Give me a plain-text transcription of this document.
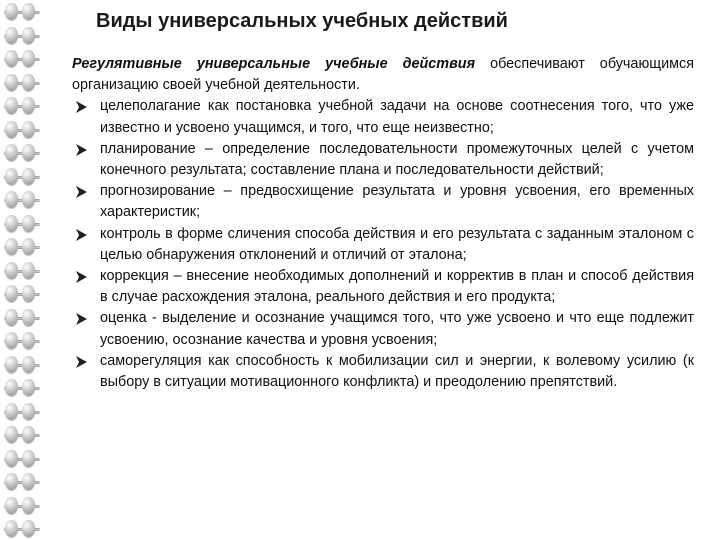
Виды универсальных учебных действий
Регулятивные универсальные учебные действия обеспечивают обучающимся организацию своей учебной деятельности.
целеполагание как постановка учебной задачи на основе соотнесения того, что уже известно и усвоено учащимся, и того, что еще неизвестно;
планирование – определение последовательности промежуточных целей с учетом конечного результата; составление плана и последовательности действий;
прогнозирование – предвосхищение результата и уровня усвоения, его временных характеристик;
контроль в форме сличения способа действия и его результата с заданным эталоном с целью обнаружения отклонений и отличий от эталона;
коррекция – внесение необходимых дополнений и корректив в план и способ действия в случае расхождения эталона, реального действия и его продукта;
оценка - выделение и осознание учащимся того, что уже усвоено и что еще подлежит усвоению, осознание качества и уровня усвоения;
саморегуляция как способность к мобилизации сил и энергии, к волевому усилию (к выбору в ситуации мотивационного конфликта) и преодолению препятствий.
